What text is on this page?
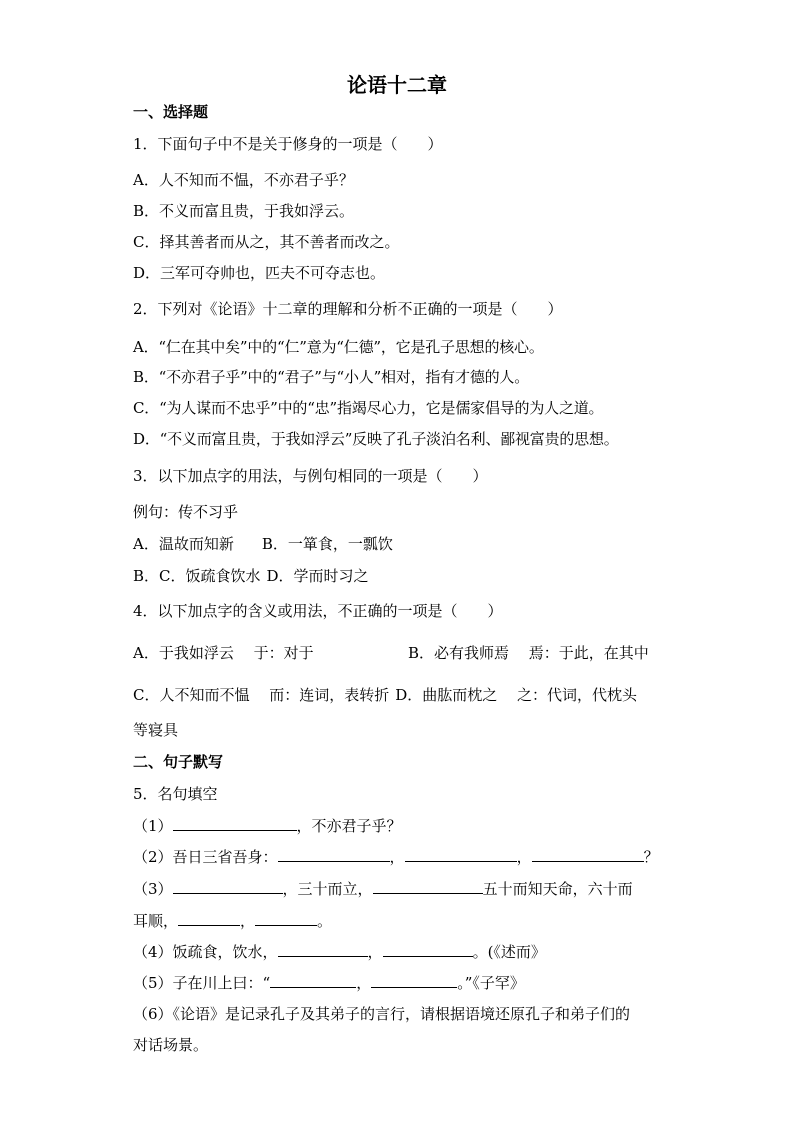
论语十二章
一、选择题
1．下面句子中不是关于修身的一项是（　　）
A．人不知而不愠，不亦君子乎？
B．不义而富且贵，于我如浮云。
C．择其善者而从之，其不善者而改之。
D．三军可夺帅也，匹夫不可夺志也。
2．下列对《论语》十二章的理解和分析不正确的一项是（　　）
A．“仁在其中矣”中的“仁”意为“仁德”，它是孔子思想的核心。
B．“不亦君子乎”中的“君子”与“小人”相对，指有才德的人。
C．“为人谋而不忠乎”中的“忠”指竭尽心力，它是儒家倡导的为人之道。
D．“不义而富且贵，于我如浮云”反映了孔子淡泊名利、鄙视富贵的思想。
3．以下加点字的用法，与例句相同的一项是（　　）
例句：传不习乎
A．温故而知新 B．一箪食，一瓢饮
B．C．饭疏食饮水 D．学而时习之
4．以下加点字的含义或用法，不正确的一项是（　　）
A．于我如浮云　 于：对于	B．必有我师焉　 焉：于此，在其中
C．人不知而不愠　 而：连词，表转折 D．曲肱而枕之　 之：代词，代枕头
等寝具
二、句子默写
5．名句填空
（1）	，不亦君子乎？
（2）吾日三省吾身：	，	，	？
（3）	，三十而立，	五十而知天命，六十而
耳顺，	，	。
（4）饭疏食，饮水，	，	。(《述而》
（5）子在川上曰：“	，	。”《子罕》
（6）《论语》是记录孔子及其弟子的言行，请根据语境还原孔子和弟子们的
对话场景。
